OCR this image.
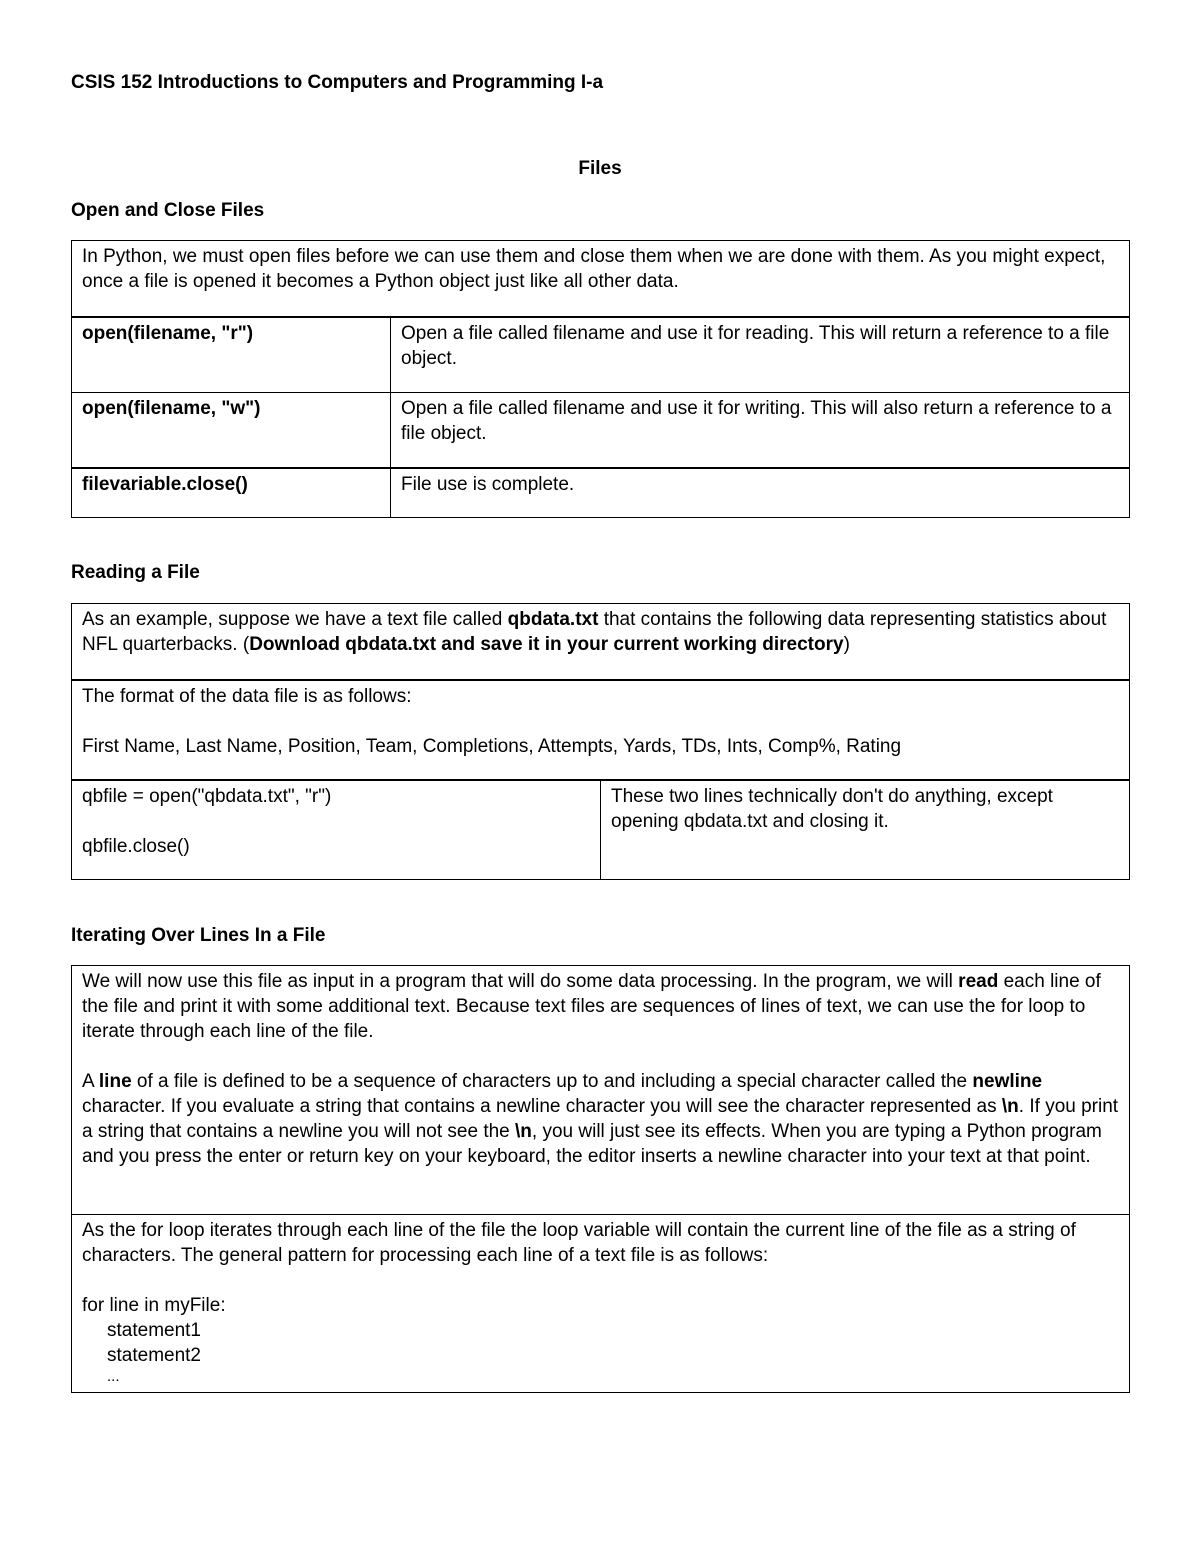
CSIS 152 Introductions to Computers and Programming I-a
Files
Open and Close Files
In Python, we must open files before we can use them and close them when we are done with them. As you might expect, once a file is opened it becomes a Python object just like all other data.	
open(filename, "r")	Open a file called filename and use it for reading. This will return a reference to a file object.
open(filename, "w")	Open a file called filename and use it for writing. This will also return a reference to a file object.
filevariable.close()	File use is complete.
Reading a File
As an example, suppose we have a text file called qbdata.txt that contains the following data representing statistics about NFL quarterbacks. (Download qbdata.txt and save it in your current working directory)

The format of the data file is as follows:

First Name, Last Name, Position, Team, Completions, Attempts, Yards, TDs, Ints, Comp%, Rating

qbfile = open("qbdata.txt", "r")

qbfile.close()

	These two lines technically don't do anything, except opening qbdata.txt and closing it.
Iterating Over Lines In a File

We will now use this file as input in a program that will do some data processing. In the program, we will read each line of the file and print it with some additional text. Because text files are sequences of lines of text, we can use the for loop to iterate through each line of the file.

A line of a file is defined to be a sequence of characters up to and including a special character called the newline character. If you evaluate a string that contains a newline character you will see the character represented as \n. If you print a string that contains a newline you will not see the \n, you will just see its effects. When you are typing a Python program and you press the enter or return key on your keyboard, the editor inserts a newline character into your text at that point.

As the for loop iterates through each line of the file the loop variable will contain the current line of the file as a string of characters. The general pattern for processing each line of a text file is as follows:

for line in myFile:

statement1

statement2

...
